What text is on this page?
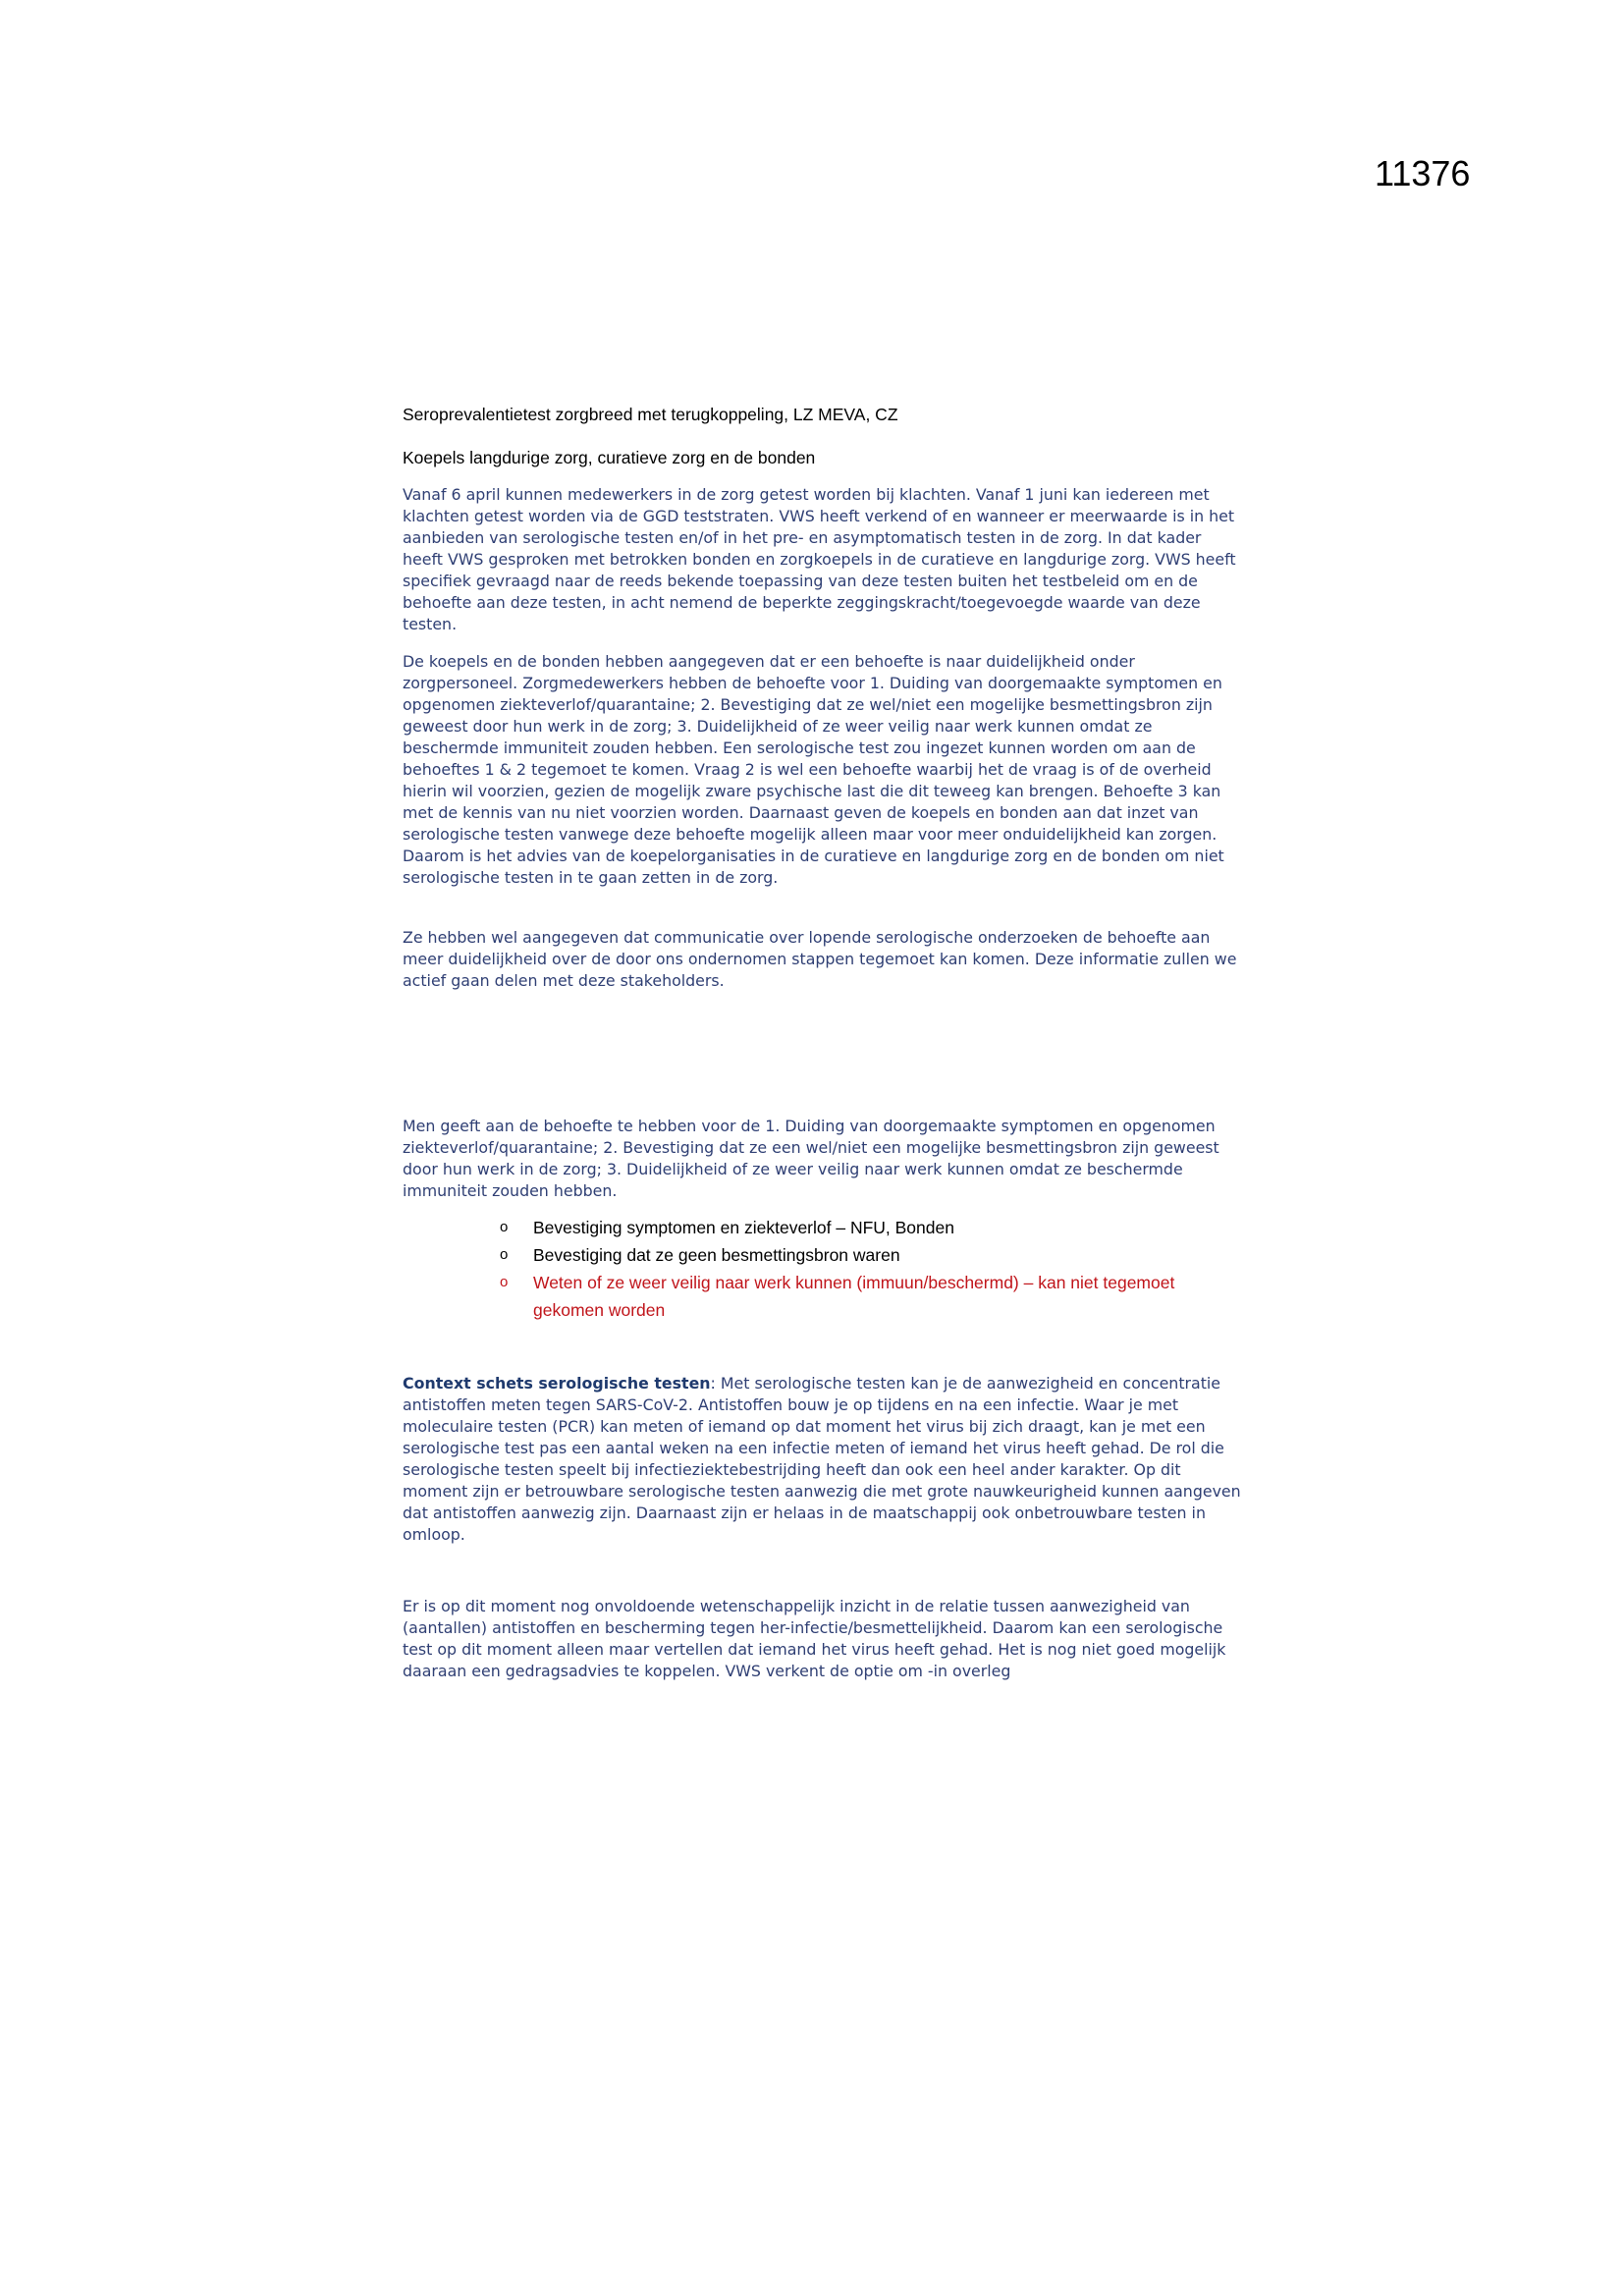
11376
Seroprevalentietest zorgbreed met terugkoppeling, LZ MEVA, CZ
Koepels langdurige zorg, curatieve zorg en de bonden

Vanaf 6 april kunnen medewerkers in de zorg getest worden bij klachten. Vanaf 1 juni kan iedereen met klachten getest worden via de GGD teststraten. VWS heeft verkend of en wanneer er meerwaarde is in het aanbieden van serologische testen en/of in het pre- en asymptomatisch testen in de zorg. In dat kader heeft VWS gesproken met betrokken bonden en zorgkoepels in de curatieve en langdurige zorg. VWS heeft specifiek gevraagd naar de reeds bekende toepassing van deze testen buiten het testbeleid om en de behoefte aan deze testen, in acht nemend de beperkte zeggingskracht/toegevoegde waarde van deze testen.

De koepels en de bonden hebben aangegeven dat er een behoefte is naar duidelijkheid onder zorgpersoneel. Zorgmedewerkers hebben de behoefte voor 1. Duiding van doorgemaakte symptomen en opgenomen ziekteverlof/quarantaine; 2. Bevestiging dat ze wel/niet een mogelijke besmettingsbron zijn geweest door hun werk in de zorg; 3. Duidelijkheid of ze weer veilig naar werk kunnen omdat ze beschermde immuniteit zouden hebben. Een serologische test zou ingezet kunnen worden om aan de behoeftes 1 & 2 tegemoet te komen. Vraag 2 is wel een behoefte waarbij het de vraag is of de overheid hierin wil voorzien, gezien de mogelijk zware psychische last die dit teweeg kan brengen. Behoefte 3 kan met de kennis van nu niet voorzien worden. Daarnaast geven de koepels en bonden aan dat inzet van serologische testen vanwege deze behoefte mogelijk alleen maar voor meer onduidelijkheid kan zorgen. Daarom is het advies van de koepelorganisaties in de curatieve en langdurige zorg en de bonden om niet serologische testen in te gaan zetten in de zorg.

Ze hebben wel aangegeven dat communicatie over lopende serologische onderzoeken de behoefte aan meer duidelijkheid over de door ons ondernomen stappen tegemoet kan komen. Deze informatie zullen we actief gaan delen met deze stakeholders.

Men geeft aan de behoefte te hebben voor de 1. Duiding van doorgemaakte symptomen en opgenomen ziekteverlof/quarantaine; 2. Bevestiging dat ze een wel/niet een mogelijke besmettingsbron zijn geweest door hun werk in de zorg; 3. Duidelijkheid of ze weer veilig naar werk kunnen omdat ze beschermde immuniteit zouden hebben.

o Bevestiging symptomen en ziekteverlof – NFU, Bonden
o Bevestiging dat ze geen besmettingsbron waren
o Weten of ze weer veilig naar werk kunnen (immuun/beschermd) – kan niet tegemoet gekomen worden

Context schets serologische testen: Met serologische testen kan je de aanwezigheid en concentratie antistoffen meten tegen SARS-CoV-2. Antistoffen bouw je op tijdens en na een infectie. Waar je met moleculaire testen (PCR) kan meten of iemand op dat moment het virus bij zich draagt, kan je met een serologische test pas een aantal weken na een infectie meten of iemand het virus heeft gehad. De rol die serologische testen speelt bij infectieziektebestrijding heeft dan ook een heel ander karakter. Op dit moment zijn er betrouwbare serologische testen aanwezig die met grote nauwkeurigheid kunnen aangeven dat antistoffen aanwezig zijn. Daarnaast zijn er helaas in de maatschappij ook onbetrouwbare testen in omloop.

Er is op dit moment nog onvoldoende wetenschappelijk inzicht in de relatie tussen aanwezigheid van (aantallen) antistoffen en bescherming tegen her-infectie/besmettelijkheid. Daarom kan een serologische test op dit moment alleen maar vertellen dat iemand het virus heeft gehad. Het is nog niet goed mogelijk daaraan een gedragsadvies te koppelen. VWS verkent de optie om -in overleg
